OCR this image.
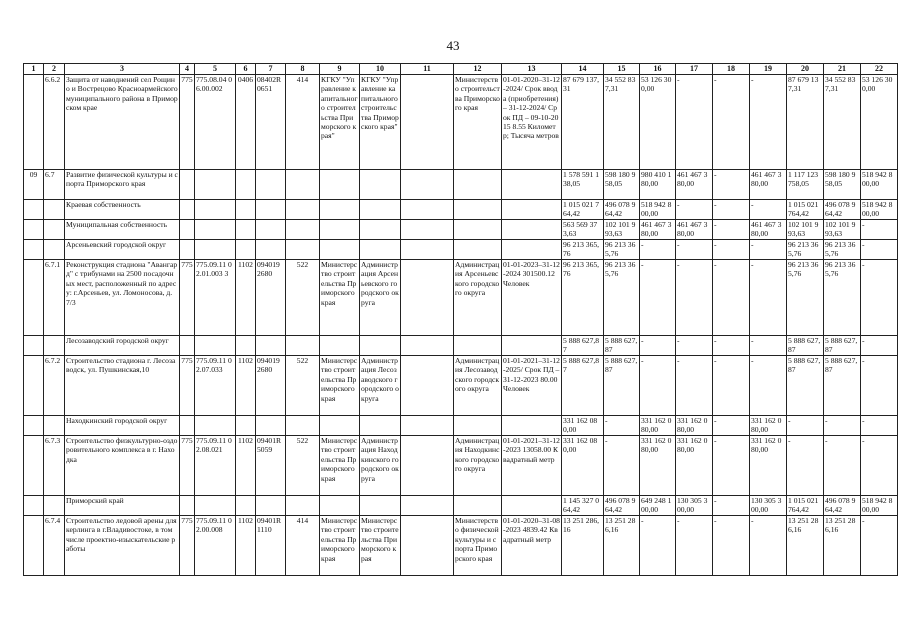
43
1	2	3	4	5	6	7	8	9	10	11	12	13	14	15	16	17	18	19	20	21	22
	6.6.2	Защита от наводнений сел Рощино и Вострецово Красноармейского муниципального района в Приморском крае	775	775.08.04 06.00.002	0406	08402R 0651	414	КГКУ "Управление капитального строительства Приморского края"	КГКУ "Управление капитального строительства Приморского края"		Министерство строительства Приморского края	01-01-2020–31-12-2024/ Срок ввода (приобретения) – 31-12-2024/ Срок ПД – 09-10-2015 8.55 Километр; Тысяча метров	87 679 137,31	34 552 837,31	53 126 300,00	-	-	-	87 679 137,31	34 552 837,31	53 126 300,00
09	6.7	Развитие физической культуры и спорта Приморского края											1 578 591 138,05	598 180 958,05	980 410 180,00	461 467 380,00	-	461 467 380,00	1 117 123 758,05	598 180 958,05	518 942 800,00
		Краевая собственность											1 015 021 764,42	496 078 964,42	518 942 800,00	-	-	-	1 015 021 764,42	496 078 964,42	518 942 800,00
		Муниципальная собственность											563 569 373,63	102 101 993,63	461 467 380,00	461 467 380,00	-	461 467 380,00	102 101 993,63	102 101 993,63	-
		Арсеньевский городской округ											96 213 365,76	96 213 365,76	-	-	-	-	96 213 365,76	96 213 365,76	-
	6.7.1	Реконструкция стадиона "Авангард" с трибунами на 2500 посадочных мест, расположенный по адресу: г.Арсеньев, ул. Ломоносова, д. 7/3	775	775.09.11 02.01.003 3	1102	094019 2680	522	Министерство строительства Приморского края	Администрация Арсеньевского городского округа		Администрация Арсеньевского городского округа	01-01-2023–31-12-2024 301500.12 Человек	96 213 365,76	96 213 365,76	-	-	-	-	96 213 365,76	96 213 365,76	-
		Лесозаводский городской округ											5 888 627,87	5 888 627,87	-	-	-	-	5 888 627,87	5 888 627,87	-
	6.7.2	Строительство стадиона г. Лесозаводск, ул. Пушкинская,10	775	775.09.11 02.07.033	1102	094019 2680	522	Министерство строительства Приморского края	Администрация Лесозаводского городского округа		Администрация Лесозаводского городского округа	01-01-2021–31-12-2025/ Срок ПД – 31-12-2023 80.00 Человек	5 888 627,87	5 888 627,87	-	-	-	-	5 888 627,87	5 888 627,87	-
		Находкинский городской округ											331 162 080,00	-	331 162 080,00	331 162 080,00	-	331 162 080,00	-	-	-
	6.7.3	Строительство физкультурно-оздоровительного комплекса в г. Находка	775	775.09.11 02.08.021	1102	09401R 5059	522	Министерство строительства Приморского края	Администрация Находкинского городского округа		Администрация Находкинского городского округа	01-01-2021–31-12-2023 13058.00 Квадратный метр	331 162 080,00	-	331 162 080,00	331 162 080,00	-	331 162 080,00	-	-	-
		Приморский край											1 145 327 064,42	496 078 964,42	649 248 100,00	130 305 300,00	-	130 305 300,00	1 015 021 764,42	496 078 964,42	518 942 800,00
	6.7.4	Строительство ледовой арены для керлинга в г.Владивостоке, в том числе проектно-изыскательские работы	775	775.09.11 02.00.008	1102	09401R 1110	414	Министерство строительства Приморского края	Министерство строительства Приморского края		Министерство физической культуры и спорта Приморского края	01-01-2020–31-08-2023 4839.42 Квадратный метр	13 251 286,16	13 251 286,16	-	-	-	-	13 251 286,16	13 251 286,16	-
